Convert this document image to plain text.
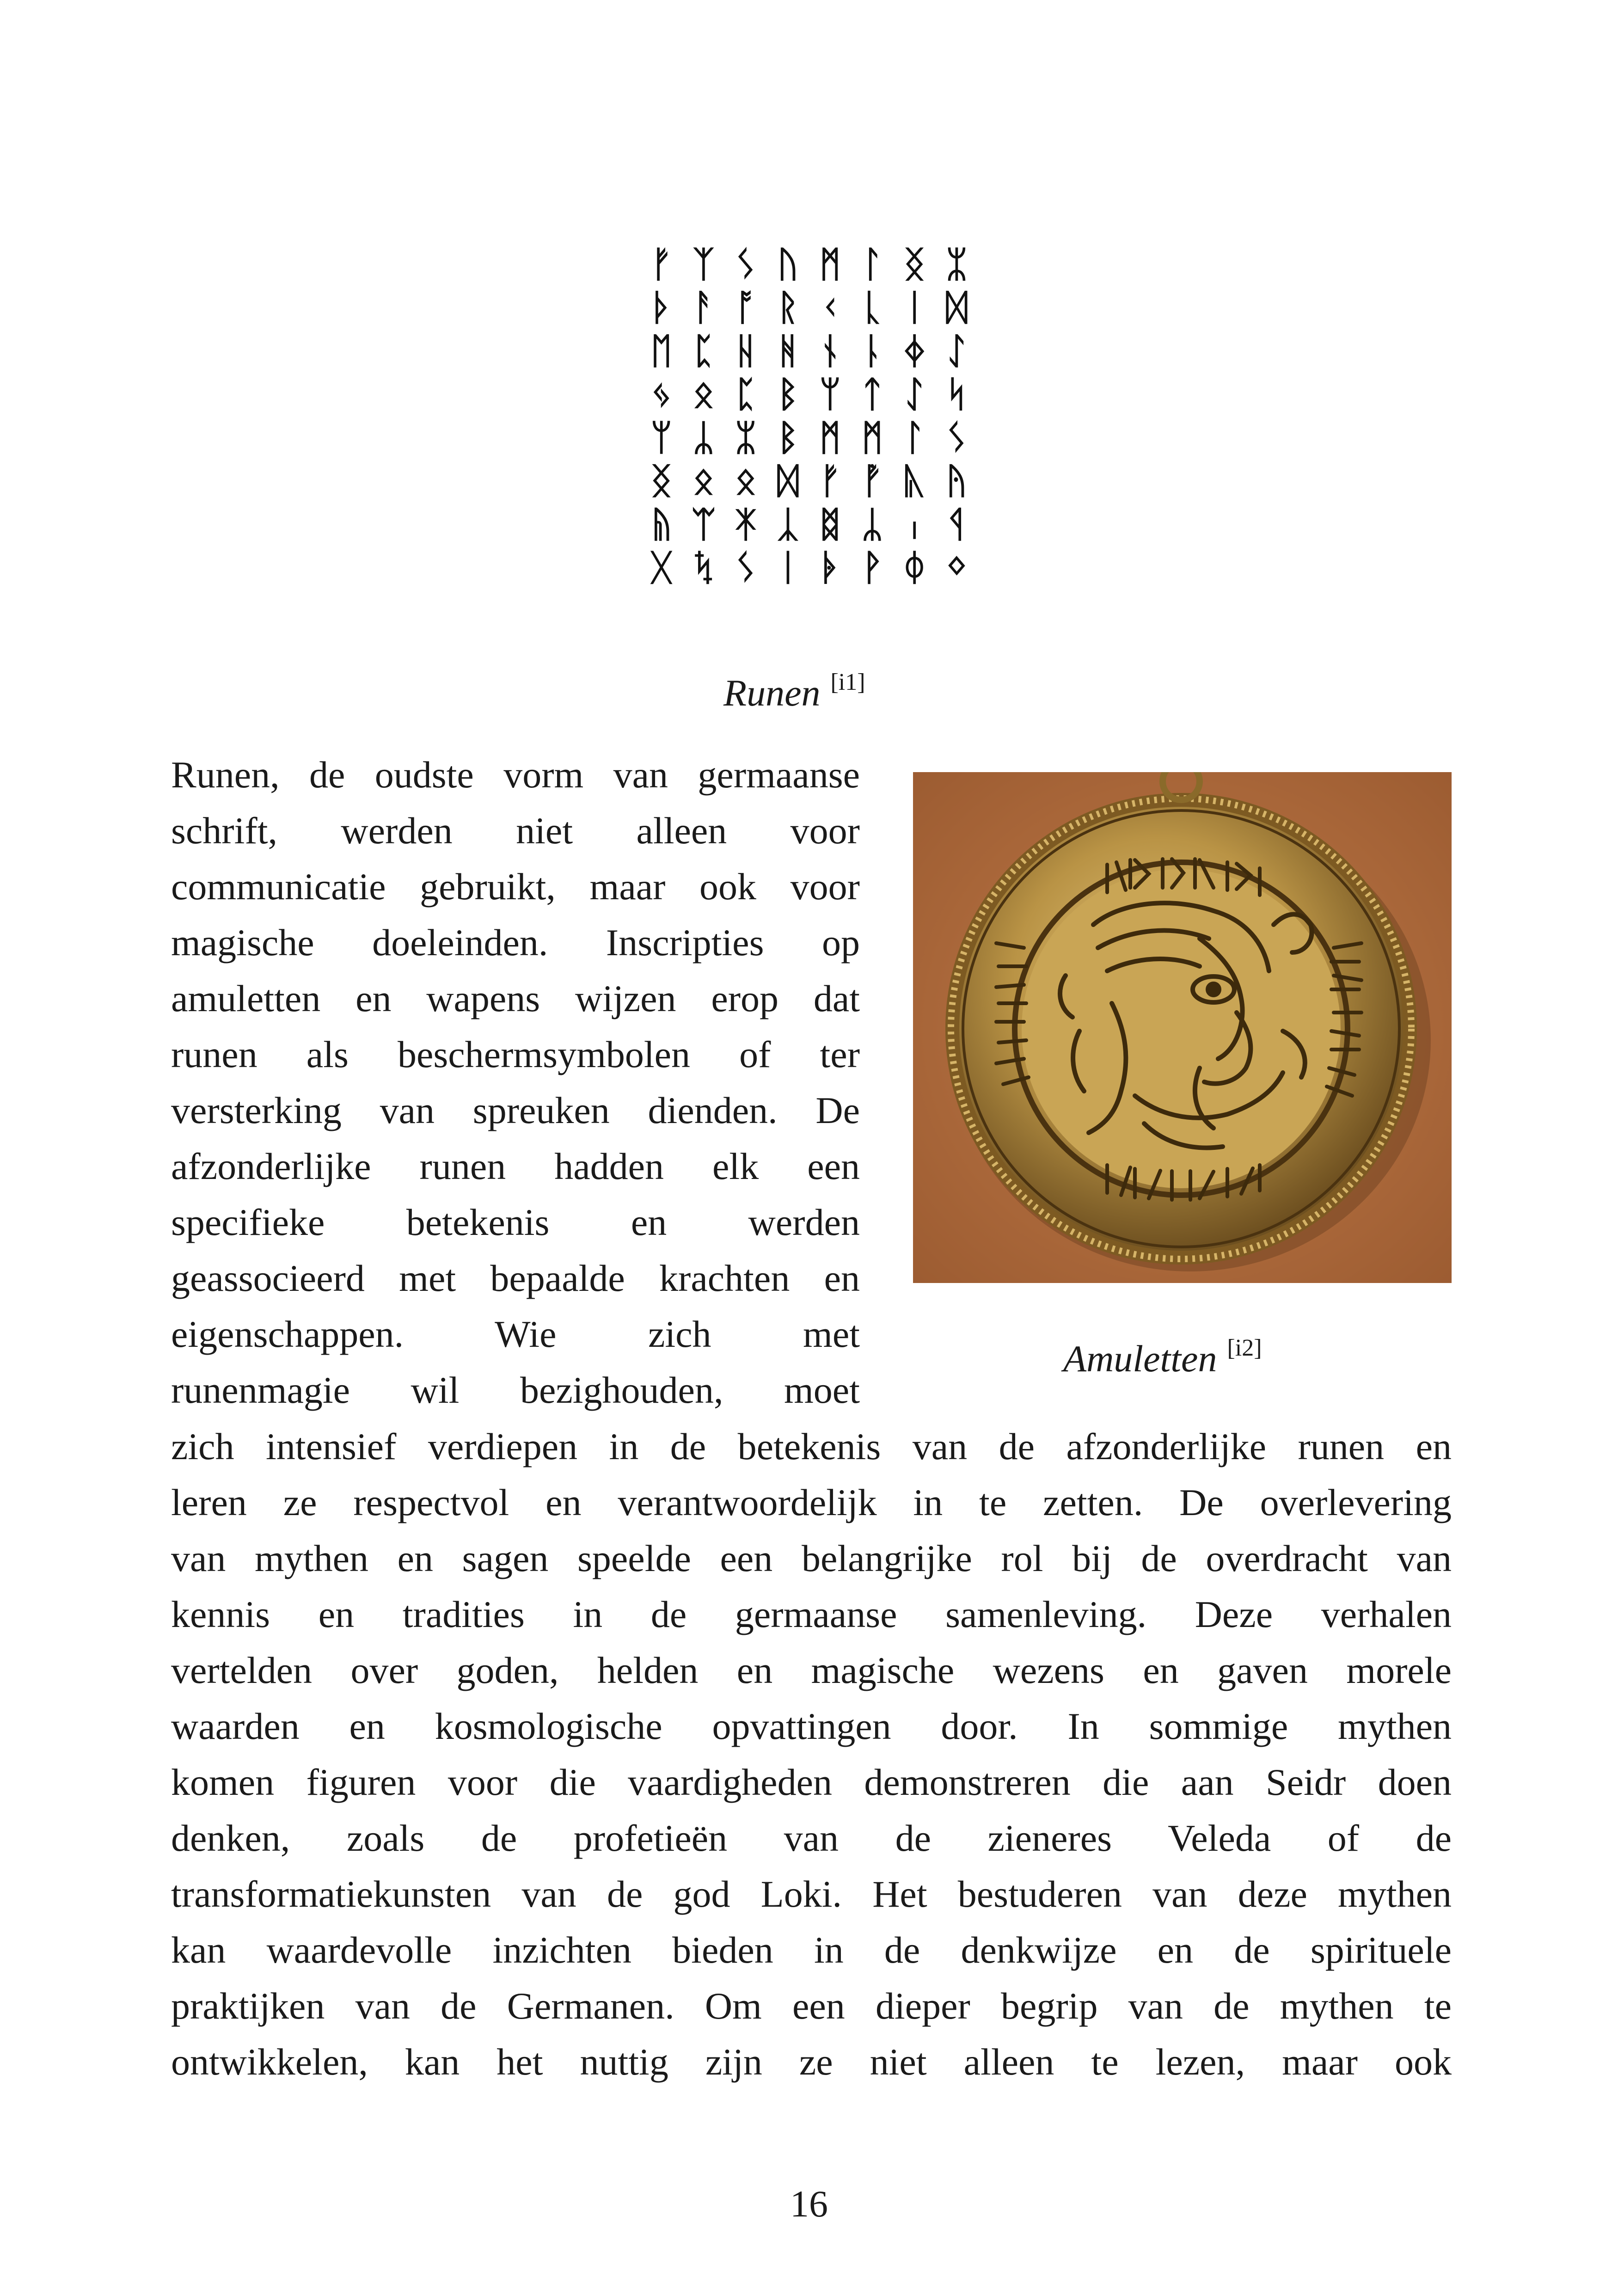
ᚠ ᛉ ᛊ ᚢ ᛗ ᛚ ᛝ ᛯ
ᚦ ᚨ ᚩ ᚱ ᚲ ᚳ ᛁ ᛞ
ᛖ ᛈ ᚺ ᚻ ᚾ ᚿ ᛄ ᛇ
ᛃ ᛟ ᛈ ᛒ ᛘ ᛏ ᛇ ᛋ
ᛘ ᛦ ᛯ ᛒ ᛗ ᛗ ᛚ ᛊ
ᛝ ᛟ ᛟ ᛞ ᚠ ᚡ ᚣ ᚤ
ᚥ ᛠ ᛡ ᛣ ᛥ ᛦ ᛧ ᛩ
ᚷ ᛪ ᛊ ᛁ ᚧ ᚹ ᛰ ᛜ
Runen [i1]
Amuletten [i2]
Runen, de oudste vorm van germaanse
schrift, werden niet alleen voor
communicatie gebruikt, maar ook voor
magische doeleinden. Inscripties op
amuletten en wapens wijzen erop dat
runen als beschermsymbolen of ter
versterking van spreuken dienden. De
afzonderlijke runen hadden elk een
specifieke betekenis en werden
geassocieerd met bepaalde krachten en
eigenschappen. Wie zich met
runenmagie wil bezighouden, moet
zich intensief verdiepen in de betekenis van de afzonderlijke runen en
leren ze respectvol en verantwoordelijk in te zetten. De overlevering
van mythen en sagen speelde een belangrijke rol bij de overdracht van
kennis en tradities in de germaanse samenleving. Deze verhalen
vertelden over goden, helden en magische wezens en gaven morele
waarden en kosmologische opvattingen door. In sommige mythen
komen figuren voor die vaardigheden demonstreren die aan Seidr doen
denken, zoals de profetieën van de zieneres Veleda of de
transformatiekunsten van de god Loki. Het bestuderen van deze mythen
kan waardevolle inzichten bieden in de denkwijze en de spirituele
praktijken van de Germanen. Om een dieper begrip van de mythen te
ontwikkelen, kan het nuttig zijn ze niet alleen te lezen, maar ook
16
